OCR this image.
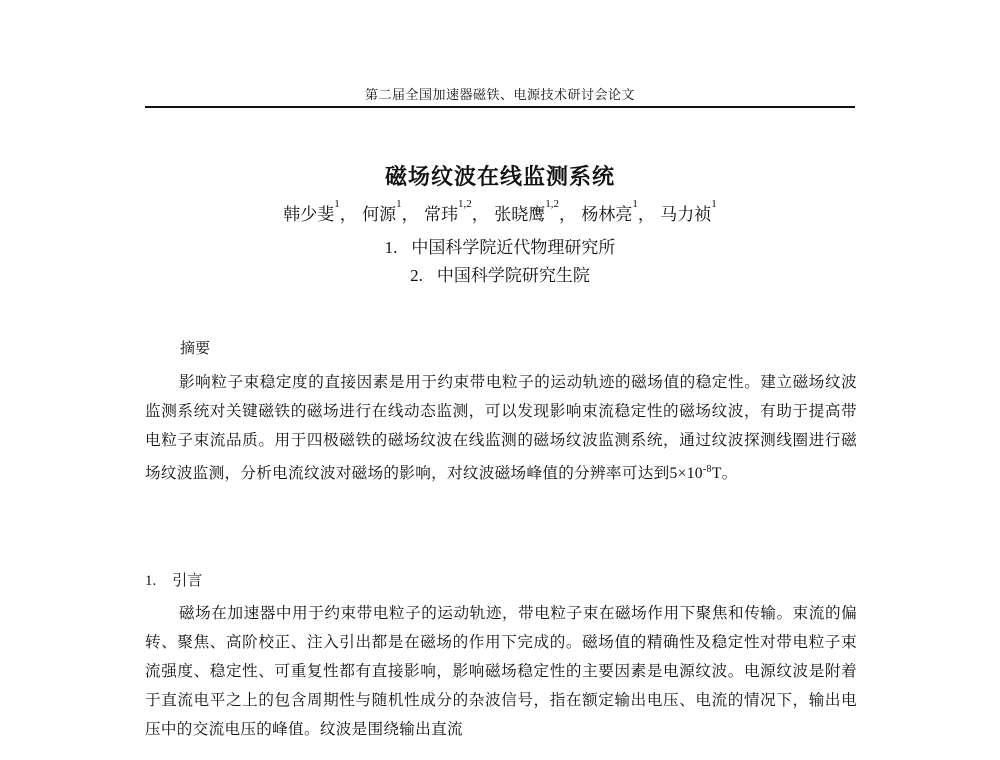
第二届全国加速器磁铁、电源技术研讨会论文
磁场纹波在线监测系统
韩少斐$^1$， 何源$^1$， 常玮$^{1,2}$， 张晓鹰$^{1,2}$， 杨林亮$^1$， 马力祯$^1$
1. 中国科学院近代物理研究所
2. 中国科学院研究生院
摘要
影响粒子束稳定度的直接因素是用于约束带电粒子的运动轨迹的磁场值的稳定性。建立磁场纹波监测系统对关键磁铁的磁场进行在线动态监测，可以发现影响束流稳定性的磁场纹波，有助于提高带电粒子束流品质。用于四极磁铁的磁场纹波在线监测的磁场纹波监测系统，通过纹波探测线圈进行磁场纹波监测，分析电流纹波对磁场的影响，对纹波磁场峰值的分辨率可达到$5\times 10^{-8}T$。
1. 引言
磁场在加速器中用于约束带电粒子的运动轨迹，带电粒子束在磁场作用下聚焦和传输。束流的偏转、聚焦、高阶校正、注入引出都是在磁场的作用下完成的。磁场值的精确性及稳定性对带电粒子束流强度、稳定性、可重复性都有直接影响，影响磁场稳定性的主要因素是电源纹波。电源纹波是附着于直流电平之上的包含周期性与随机性成分的杂波信号，指在额定输出电压、电流的情况下，输出电压中的交流电压的峰值。纹波是围绕输出直流
